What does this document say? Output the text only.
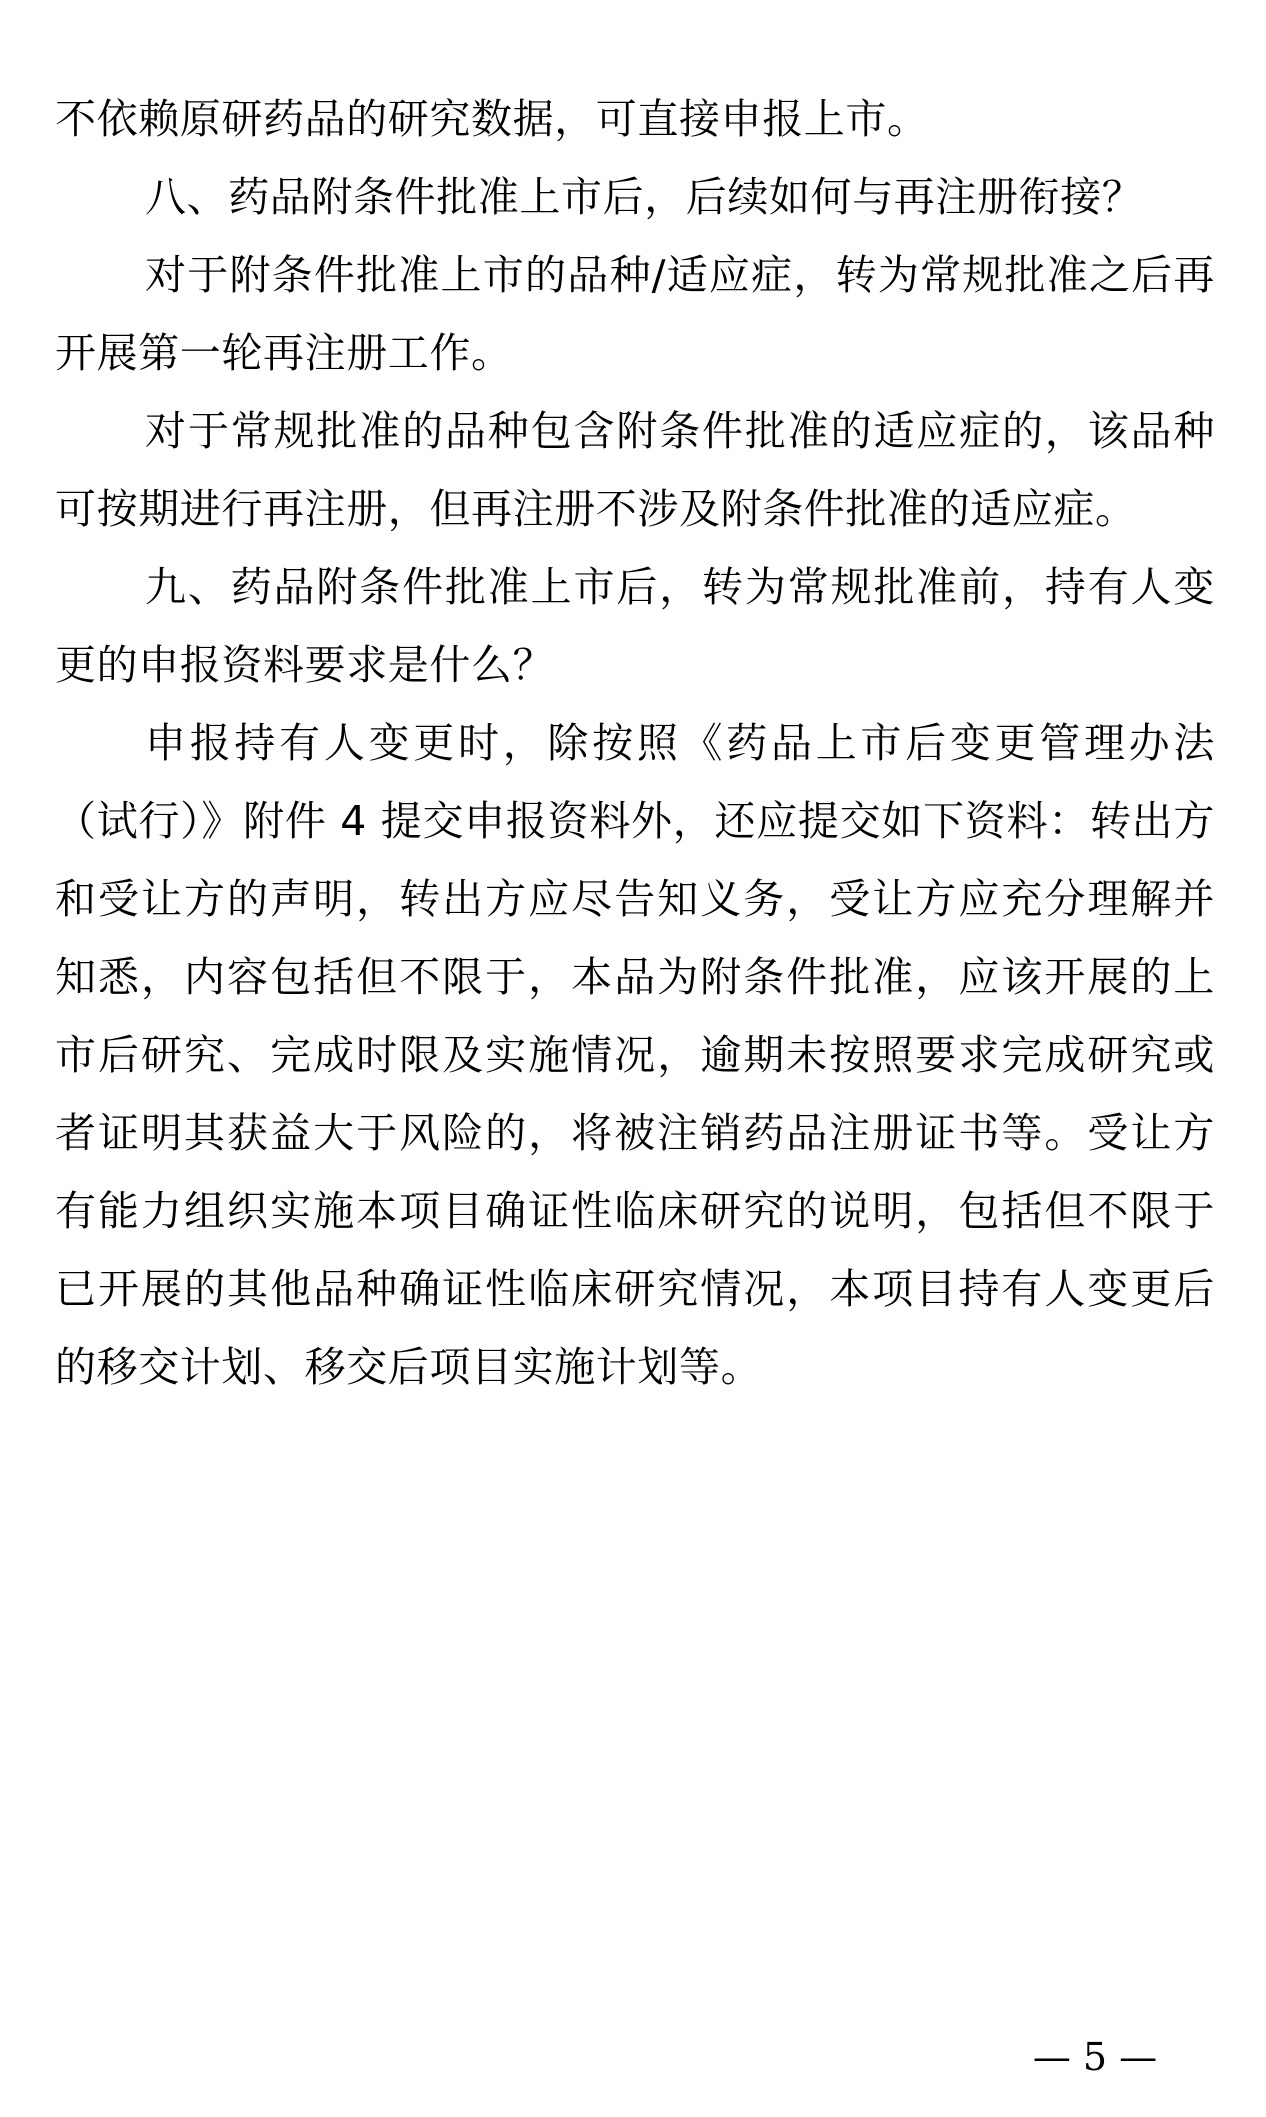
不依赖原研药品的研究数据，可直接申报上市。

八、药品附条件批准上市后，后续如何与再注册衔接？

对于附条件批准上市的品种/适应症，转为常规批准之后再开展第一轮再注册工作。

对于常规批准的品种包含附条件批准的适应症的，该品种可按期进行再注册，但再注册不涉及附条件批准的适应症。

九、药品附条件批准上市后，转为常规批准前，持有人变更的申报资料要求是什么？

申报持有人变更时，除按照《药品上市后变更管理办法（试行）》附件 4 提交申报资料外，还应提交如下资料：转出方和受让方的声明，转出方应尽告知义务，受让方应充分理解并知悉，内容包括但不限于，本品为附条件批准，应该开展的上市后研究、完成时限及实施情况，逾期未按照要求完成研究或者证明其获益大于风险的，将被注销药品注册证书等。受让方有能力组织实施本项目确证性临床研究的说明，包括但不限于已开展的其他品种确证性临床研究情况，本项目持有人变更后的移交计划、移交后项目实施计划等。

— 5 —
